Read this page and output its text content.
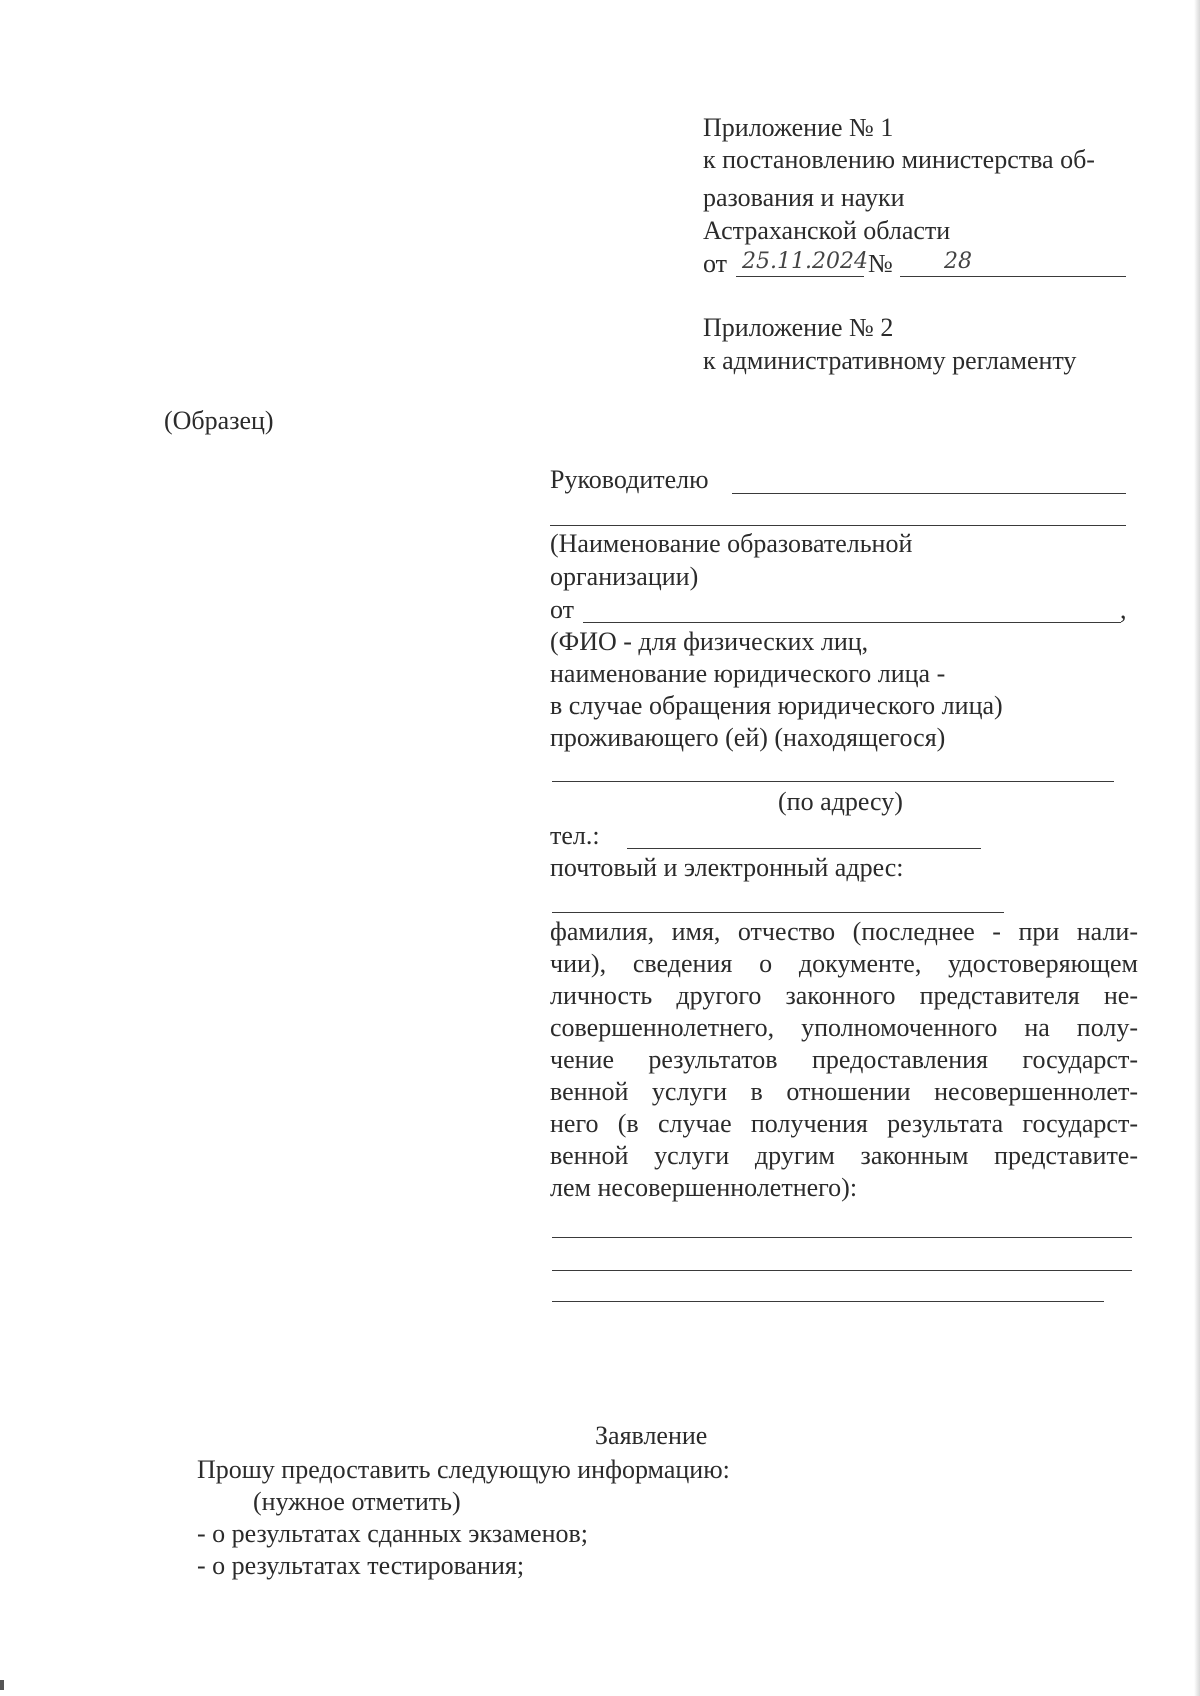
Приложение № 1
к постановлению министерства об-
разования и науки
Астраханской области
от 25.11.2024 № 28
Приложение № 2
к административному регламенту
(Образец)
Руководителю
(Наименование образовательной
организации)
от	,
(ФИО - для физических лиц,
наименование юридического лица -
в случае обращения юридического лица)
проживающего (ей) (находящегося)
(по адресу)
тел.:
почтовый и электронный адрес:
фамилия, имя, отчество (последнее - при нали-
чии), сведения о документе, удостоверяющем
личность другого законного представителя не-
совершеннолетнего, уполномоченного на полу-
чение результатов предоставления государст-
венной услуги в отношении несовершеннолет-
него (в случае получения результата государст-
венной услуги другим законным представите-
лем несовершеннолетнего):
Заявление
Прошу предоставить следующую информацию:
(нужное отметить)
- о результатах сданных экзаменов;
- о результатах тестирования;
